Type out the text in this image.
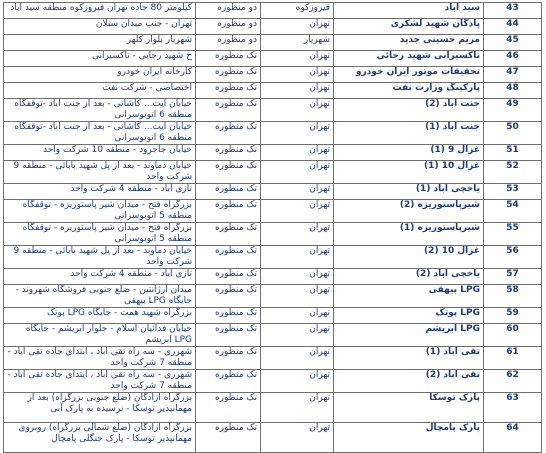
43	سید آباد	فیروزکوه	دو منظوره	کیلومتر 80 جاده تهران فیروزکوه منطقه سید آباد
44	پادگان شهید لشکری	تهران	دو منظوره	تهران - جنب میدان سبلان
45	مریم حسینی جدید	شهریار	دو منظوره	شهریار بلوار کلهر
46	تاکسیرانی شهید رجائی	تهران	تک منظوره	خ شهید رجایی - تاکسیرانی
47	تحقیقات موتور ایران خودرو	تهران	تک منظوره	کارخانه ایران خودرو
48	پارکینگ وزارت نفت	تهران	تک منظوره	اختصاصی - شرکت نفت
49	جنت آباد (2)	تهران	تک منظوره	خیابان آیت... کاشانی - بعد از جنت آباد -توقفگاه منطقه 6 اتوبوسرانی
50	جنت آباد (1)	تهران	تک منظوره	خیابان آیت... کاشانی - بعد از جنت آباد -توقفگاه منطقه 6 اتوبوسرانی
51	غزال 9 (1)	تهران	تک منظوره	خیابان جاجرود - منطقه 10 شرکت واحد
52	غزال 10 (1)	تهران	تک منظوره	خیابان دماوند - بعد از پل شهید بابائی - منطقه 9 شرکت واحد
53	یاخچی آباد (1)	تهران	تک منظوره	تازی آباد - منطقه 4 شرکت واحد
54	شیرپاستوریزه (2)	تهران	تک منظوره	بزرگراه فتح - میدان شیر پاستوریزه - توقفگاه منطقه 5 اتوبوسرانی
55	شیرپاستوریزه (1)	تهران	تک منظوره	بزرگراه فتح - میدان شیر پاستوریزه - توقفگاه منطقه 5 اتوبوسرانی
56	غزال 10 (2)	تهران	تک منظوره	خیابان دماوند - بعد از پل شهید بابائی - منطقه 9 شرکت واحد
57	یاخچی آباد (2)	تهران	تک منظوره	تازی آباد - منطقه 4 شرکت واحد
58	LPG بیهقی	تهران	تک منظوره	میدان آرژانتین - ضلع جنوبی فروشگاه شهروند - جایگاه LPG بیهقی
59	LPG پوتک	تهران	تک منظوره	بزرگراه شهید همت - جایگاه LPG پوتک
60	LPG ابریشم	تهران	تک منظوره	خیابان فدائیان اسلام - جلوار ابریشم - جایگاه LPG ابریشم
61	تقی آباد (1)	تهران	تک منظوره	شهرری - سه راه تقی آباد ، ابتدای جاده تقی آباد - منطقه 7 شرکت واحد
62	تقی آباد (2)	تهران	تک منظوره	شهرری - سه راه تقی آباد ، ابتدای جاده تقی آباد - منطقه 7 شرکت واحد
63	پارک توسکا	تهران	تک منظوره	بزرگراه آزادگان (ضلع جنوبی بزرگراه) بعد از مهمانپذیر توسکا - نرسیده به پارک آبی
64	پارک پامچال	تهران	تک منظوره	بزرگراه آزادگان (ضلع شمالی بزرگراه) روبروی مهمانپذیر توسکا - پارک جنگلی پامچال
